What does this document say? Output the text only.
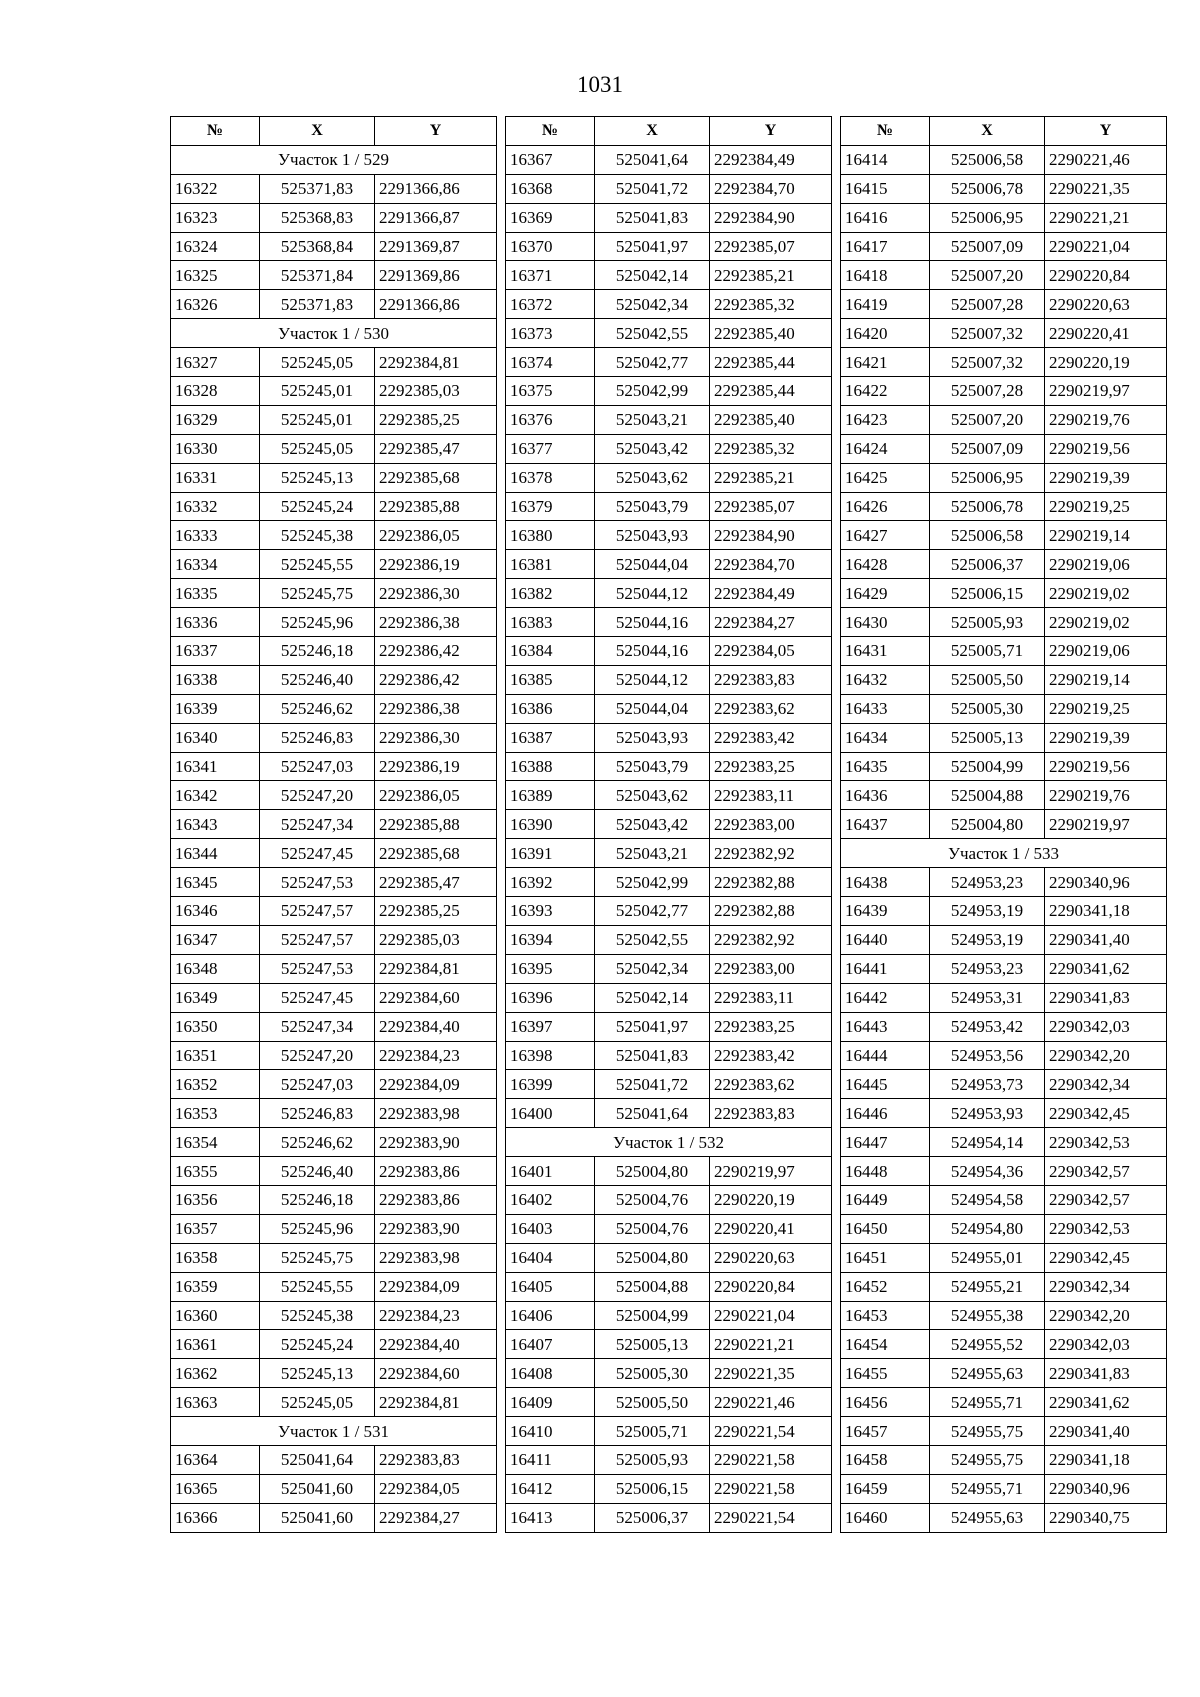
1031
№	X	Y
Участок 1 / 529		
16322	525371,83	2291366,86
16323	525368,83	2291366,87
16324	525368,84	2291369,87
16325	525371,84	2291369,86
16326	525371,83	2291366,86
Участок 1 / 530		
16327	525245,05	2292384,81
16328	525245,01	2292385,03
16329	525245,01	2292385,25
16330	525245,05	2292385,47
16331	525245,13	2292385,68
16332	525245,24	2292385,88
16333	525245,38	2292386,05
16334	525245,55	2292386,19
16335	525245,75	2292386,30
16336	525245,96	2292386,38
16337	525246,18	2292386,42
16338	525246,40	2292386,42
16339	525246,62	2292386,38
16340	525246,83	2292386,30
16341	525247,03	2292386,19
16342	525247,20	2292386,05
16343	525247,34	2292385,88
16344	525247,45	2292385,68
16345	525247,53	2292385,47
16346	525247,57	2292385,25
16347	525247,57	2292385,03
16348	525247,53	2292384,81
16349	525247,45	2292384,60
16350	525247,34	2292384,40
16351	525247,20	2292384,23
16352	525247,03	2292384,09
16353	525246,83	2292383,98
16354	525246,62	2292383,90
16355	525246,40	2292383,86
16356	525246,18	2292383,86
16357	525245,96	2292383,90
16358	525245,75	2292383,98
16359	525245,55	2292384,09
16360	525245,38	2292384,23
16361	525245,24	2292384,40
16362	525245,13	2292384,60
16363	525245,05	2292384,81
Участок 1 / 531		
16364	525041,64	2292383,83
16365	525041,60	2292384,05
16366	525041,60	2292384,27
№	X	Y
16367	525041,64	2292384,49
16368	525041,72	2292384,70
16369	525041,83	2292384,90
16370	525041,97	2292385,07
16371	525042,14	2292385,21
16372	525042,34	2292385,32
16373	525042,55	2292385,40
16374	525042,77	2292385,44
16375	525042,99	2292385,44
16376	525043,21	2292385,40
16377	525043,42	2292385,32
16378	525043,62	2292385,21
16379	525043,79	2292385,07
16380	525043,93	2292384,90
16381	525044,04	2292384,70
16382	525044,12	2292384,49
16383	525044,16	2292384,27
16384	525044,16	2292384,05
16385	525044,12	2292383,83
16386	525044,04	2292383,62
16387	525043,93	2292383,42
16388	525043,79	2292383,25
16389	525043,62	2292383,11
16390	525043,42	2292383,00
16391	525043,21	2292382,92
16392	525042,99	2292382,88
16393	525042,77	2292382,88
16394	525042,55	2292382,92
16395	525042,34	2292383,00
16396	525042,14	2292383,11
16397	525041,97	2292383,25
16398	525041,83	2292383,42
16399	525041,72	2292383,62
16400	525041,64	2292383,83
Участок 1 / 532		
16401	525004,80	2290219,97
16402	525004,76	2290220,19
16403	525004,76	2290220,41
16404	525004,80	2290220,63
16405	525004,88	2290220,84
16406	525004,99	2290221,04
16407	525005,13	2290221,21
16408	525005,30	2290221,35
16409	525005,50	2290221,46
16410	525005,71	2290221,54
16411	525005,93	2290221,58
16412	525006,15	2290221,58
16413	525006,37	2290221,54
№	X	Y
16414	525006,58	2290221,46
16415	525006,78	2290221,35
16416	525006,95	2290221,21
16417	525007,09	2290221,04
16418	525007,20	2290220,84
16419	525007,28	2290220,63
16420	525007,32	2290220,41
16421	525007,32	2290220,19
16422	525007,28	2290219,97
16423	525007,20	2290219,76
16424	525007,09	2290219,56
16425	525006,95	2290219,39
16426	525006,78	2290219,25
16427	525006,58	2290219,14
16428	525006,37	2290219,06
16429	525006,15	2290219,02
16430	525005,93	2290219,02
16431	525005,71	2290219,06
16432	525005,50	2290219,14
16433	525005,30	2290219,25
16434	525005,13	2290219,39
16435	525004,99	2290219,56
16436	525004,88	2290219,76
16437	525004,80	2290219,97
Участок 1 / 533		
16438	524953,23	2290340,96
16439	524953,19	2290341,18
16440	524953,19	2290341,40
16441	524953,23	2290341,62
16442	524953,31	2290341,83
16443	524953,42	2290342,03
16444	524953,56	2290342,20
16445	524953,73	2290342,34
16446	524953,93	2290342,45
16447	524954,14	2290342,53
16448	524954,36	2290342,57
16449	524954,58	2290342,57
16450	524954,80	2290342,53
16451	524955,01	2290342,45
16452	524955,21	2290342,34
16453	524955,38	2290342,20
16454	524955,52	2290342,03
16455	524955,63	2290341,83
16456	524955,71	2290341,62
16457	524955,75	2290341,40
16458	524955,75	2290341,18
16459	524955,71	2290340,96
16460	524955,63	2290340,75
